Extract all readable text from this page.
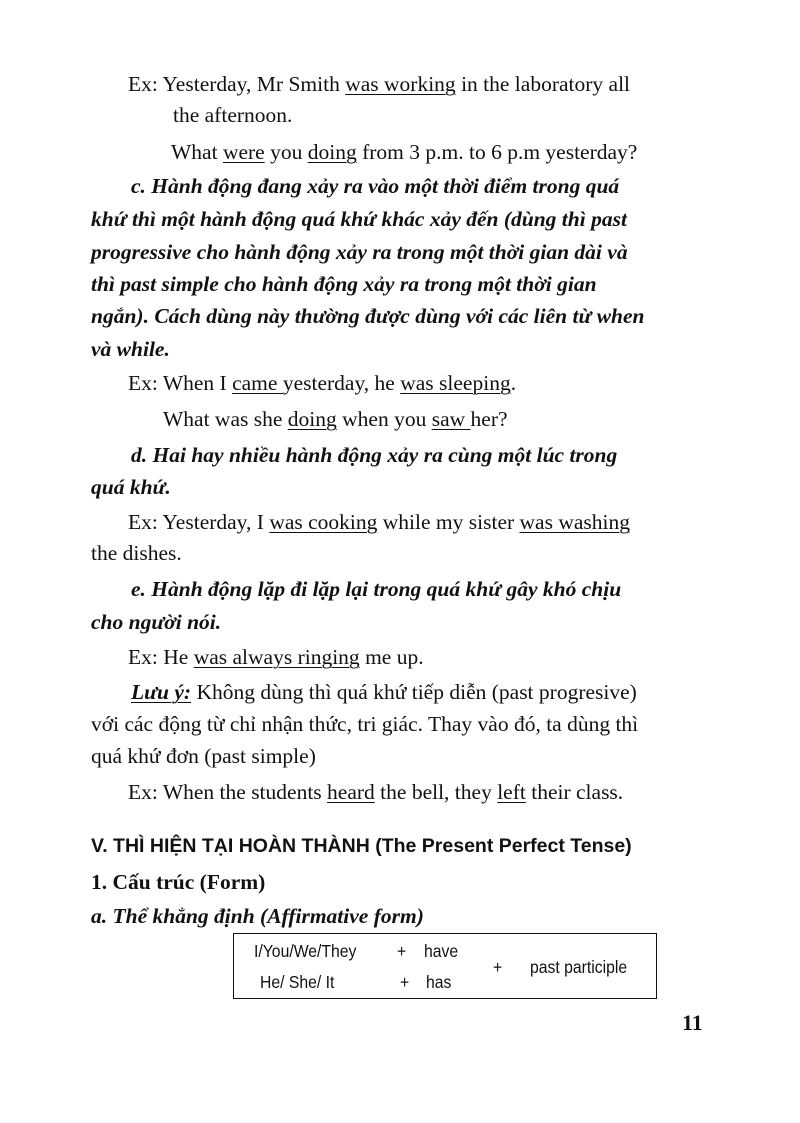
Ex: Yesterday, Mr Smith was working in the laboratory all
the afternoon.
What were you doing from 3 p.m. to 6 p.m yesterday?
c. Hành động đang xảy ra vào một thời điểm trong quá
khứ thì một hành động quá khứ khác xảy đến (dùng thì past
progressive cho hành động xảy ra trong một thời gian dài và
thì past simple cho hành động xảy ra trong một thời gian
ngắn). Cách dùng này thường được dùng với các liên từ when
và while.
Ex: When I came yesterday, he was sleeping.
What was she doing when you saw her?
d. Hai hay nhiều hành động xảy ra cùng một lúc trong
quá khứ.
Ex: Yesterday, I was cooking while my sister was washing
the dishes.
e. Hành động lặp đi lặp lại trong quá khứ gây khó chịu
cho người nói.
Ex: He was always ringing me up.
Lưu ý: Không dùng thì quá khứ tiếp diễn (past progresive)
với các động từ chỉ nhận thức, tri giác. Thay vào đó, ta dùng thì
quá khứ đơn (past simple)
Ex: When the students heard the bell, they left their class.
V. THÌ HIỆN TẠI HOÀN THÀNH (The Present Perfect Tense)
1. Cấu trúc (Form)
a. Thể khẳng định (Affirmative form)
I/You/We/They + have
He/ She/ It	+ has
+ past participle
11
